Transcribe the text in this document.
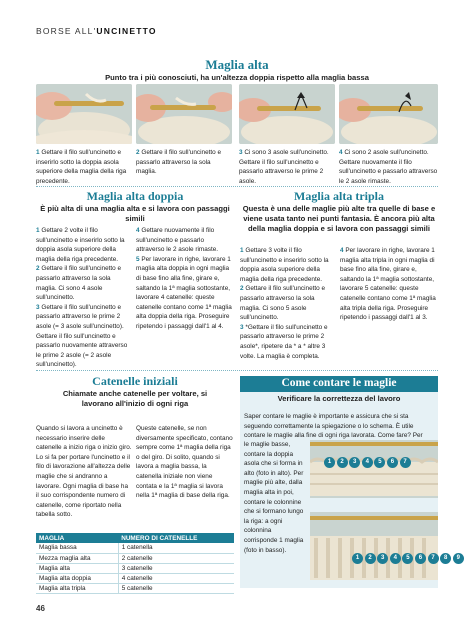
BORSE ALL'UNCINETTO
Maglia alta
Punto tra i più conosciuti, ha un'altezza doppia rispetto alla maglia bassa
1 Gettare il filo sull'uncinetto e inserirlo sotto la doppia asola superiore della maglia della riga precedente.
2 Gettare il filo sull'uncinetto e passarlo attraverso la sola maglia.
3 Ci sono 3 asole sull'uncinetto. Gettare il filo sull'uncinetto e passarlo attraverso le prime 2 asole.
4 Ci sono 2 asole sull'uncinetto. Gettare nuovamente il filo sull'uncinetto e passarlo attraverso le 2 asole rimaste.
Maglia alta doppia
È più alta di una maglia alta e si lavora con passaggi simili

1 Gettare 2 volte il filo sull'uncinetto e inserirlo sotto la doppia asola superiore della maglia della riga precedente.

2 Gettare il filo sull'uncinetto e passarlo attraverso la sola maglia. Ci sono 4 asole sull'uncinetto.

3 Gettare il filo sull'uncinetto e passarlo attraverso le prime 2 asole (= 3 asole sull'uncinetto). Gettare il filo sull'uncinetto e passarlo nuovamente attraverso le prime 2 asole (= 2 asole sull'uncinetto).

4 Gettare nuovamente il filo sull'uncinetto e passarlo attraverso le 2 asole rimaste.

5 Per lavorare in righe, lavorare 1 maglia alta doppia in ogni maglia di base fino alla fine, girare e, saltando la 1ª maglia sottostante, lavorare 4 catenelle: queste catenelle contano come 1ª maglia alta doppia della riga. Proseguire ripetendo i passaggi dall'1 al 4.

Maglia alta tripla
Questa è una delle maglie più alte tra quelle di base e viene usata tanto nei punti fantasia. È ancora più alta della maglia doppia e si lavora con passaggi simili

1 Gettare 3 volte il filo sull'uncinetto e inserirlo sotto la doppia asola superiore della maglia della riga precedente.

2 Gettare il filo sull'uncinetto e passarlo attraverso la sola maglia. Ci sono 5 asole sull'uncinetto.

3 *Gettare il filo sull'uncinetto e passarlo attraverso le prime 2 asole*, ripetere da * a * altre 3 volte. La maglia è completa.

4 Per lavorare in righe, lavorare 1 maglia alta tripla in ogni maglia di base fino alla fine, girare e, saltando la 1ª maglia sottostante, lavorare 5 catenelle: queste catenelle contano come 1ª maglia alta tripla della riga. Proseguire ripetendo i passaggi dall'1 al 3.

Catenelle iniziali
Chiamate anche catenelle per voltare, si lavorano all'inizio di ogni riga
Quando si lavora a uncinetto è necessario inserire delle catenelle a inizio riga o inizio giro. Lo si fa per portare l'uncinetto e il filo di lavorazione all'altezza delle maglie che si andranno a lavorare. Ogni maglia di base ha il suo corrispondente numero di catenelle, come riportato nella tabella sotto.
Queste catenelle, se non diversamente specificato, contano sempre come 1ª maglia della riga o del giro. Di solito, quando si lavora a maglia bassa, la catenella iniziale non viene contata e la 1ª maglia si lavora nella 1ª maglia di base della riga.
MAGLIA	NUMERO DI CATENELLE
Maglia bassa	1 catenella
Mezza maglia alta	2 catenelle
Maglia alta	3 catenelle
Maglia alta doppia	4 catenelle
Maglia alta tripla	5 catenelle
Come contare le maglie
Verificare la correttezza del lavoro
Saper contare le maglie è importante e assicura che si sta seguendo correttamente la spiegazione o lo schema. È utile contare le maglie alla fine di ogni riga lavorata. Come fare? Per
le maglie basse, contare la doppia asola che si forma in alto (foto in alto). Per maglie più alte, dalla maglia alta in poi, contare le colonnine che si formano lungo la riga: a ogni colonnina corrisponde 1 maglia (foto in basso).
1 2 3 4 5 6 7
1 2 3 4 5 6 7 8 9
46
